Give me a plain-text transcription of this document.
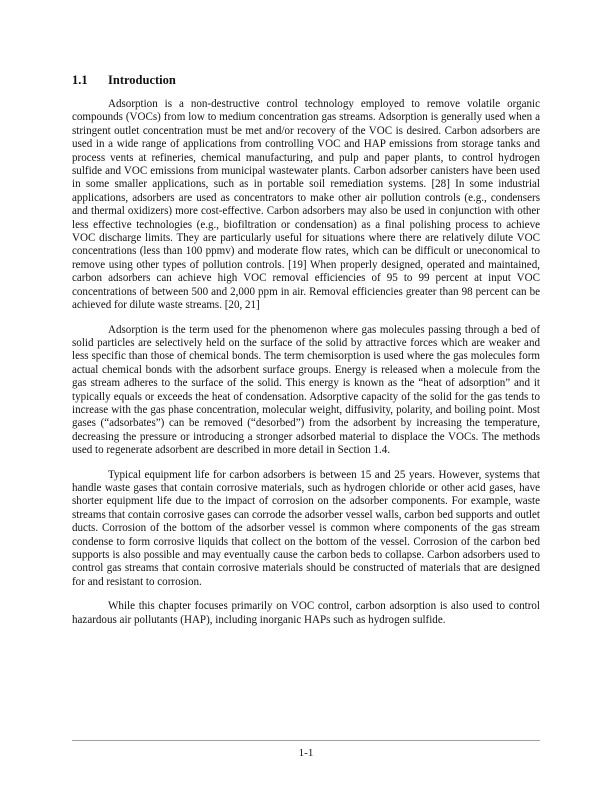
1.1	Introduction

Adsorption is a non-destructive control technology employed to remove volatile organic compounds (VOCs) from low to medium concentration gas streams. Adsorption is generally used when a stringent outlet concentration must be met and/or recovery of the VOC is desired. Carbon adsorbers are used in a wide range of applications from controlling VOC and HAP emissions from storage tanks and process vents at refineries, chemical manufacturing, and pulp and paper plants, to control hydrogen sulfide and VOC emissions from municipal wastewater plants. Carbon adsorber canisters have been used in some smaller applications, such as in portable soil remediation systems. [28] In some industrial applications, adsorbers are used as concentrators to make other air pollution controls (e.g., condensers and thermal oxidizers) more cost-effective. Carbon adsorbers may also be used in conjunction with other less effective technologies (e.g., biofiltration or condensation) as a final polishing process to achieve VOC discharge limits. They are particularly useful for situations where there are relatively dilute VOC concentrations (less than 100 ppmv) and moderate flow rates, which can be difficult or uneconomical to remove using other types of pollution controls. [19] When properly designed, operated and maintained, carbon adsorbers can achieve high VOC removal efficiencies of 95 to 99 percent at input VOC concentrations of between 500 and 2,000 ppm in air. Removal efficiencies greater than 98 percent can be achieved for dilute waste streams. [20, 21]

Adsorption is the term used for the phenomenon where gas molecules passing through a bed of solid particles are selectively held on the surface of the solid by attractive forces which are weaker and less specific than those of chemical bonds. The term chemisorption is used where the gas molecules form actual chemical bonds with the adsorbent surface groups. Energy is released when a molecule from the gas stream adheres to the surface of the solid. This energy is known as the “heat of adsorption” and it typically equals or exceeds the heat of condensation. Adsorptive capacity of the solid for the gas tends to increase with the gas phase concentration, molecular weight, diffusivity, polarity, and boiling point. Most gases (“adsorbates”) can be removed (“desorbed”) from the adsorbent by increasing the temperature, decreasing the pressure or introducing a stronger adsorbed material to displace the VOCs. The methods used to regenerate adsorbent are described in more detail in Section 1.4.

Typical equipment life for carbon adsorbers is between 15 and 25 years. However, systems that handle waste gases that contain corrosive materials, such as hydrogen chloride or other acid gases, have shorter equipment life due to the impact of corrosion on the adsorber components. For example, waste streams that contain corrosive gases can corrode the adsorber vessel walls, carbon bed supports and outlet ducts. Corrosion of the bottom of the adsorber vessel is common where components of the gas stream condense to form corrosive liquids that collect on the bottom of the vessel. Corrosion of the carbon bed supports is also possible and may eventually cause the carbon beds to collapse. Carbon adsorbers used to control gas streams that contain corrosive materials should be constructed of materials that are designed for and resistant to corrosion.

While this chapter focuses primarily on VOC control, carbon adsorption is also used to control hazardous air pollutants (HAP), including inorganic HAPs such as hydrogen sulfide.

1-1
